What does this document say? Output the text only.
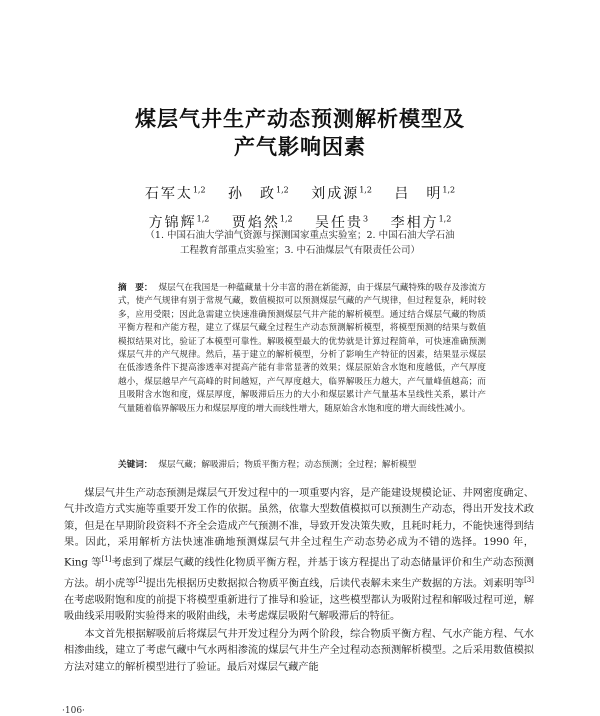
煤层气井生产动态预测解析模型及
产气影响因素
石军太$^{1,2}$ 孙　政$^{1,2}$ 刘成源$^{1,2}$ 吕　明$^{1,2}$
方锦辉$^{1,2}$ 贾焰然$^{1,2}$ 吴任贵$^3$ 李相方$^{1,2}$
（1. 中国石油大学油气资源与探测国家重点实验室；2. 中国石油大学石油
工程教育部重点实验室；3. 中石油煤层气有限责任公司）
摘　要： 煤层气在我国是一种蕴藏量十分丰富的潜在新能源，由于煤层气藏特殊的吸存及渗流方式，使产气规律有别于常规气藏，数值模拟可以预测煤层气藏的产气规律，但过程复杂，耗时较多，应用受限；因此急需建立快速准确预测煤层气井产能的解析模型。通过结合煤层气藏的物质平衡方程和产能方程，建立了煤层气藏全过程生产动态预测解析模型，将模型预测的结果与数值模拟结果对比，验证了本模型可靠性。解吸模型最大的优势就是计算过程简单，可快速准确预测煤层气井的产气规律。然后，基于建立的解析模型，分析了影响生产特征的因素，结果显示煤层在低渗透条件下提高渗透率对提高产能有非常显著的效果；煤层原始含水饱和度越低，产气厚度越小，煤层越早产气高峰的时间越短，产气厚度越大，临界解吸压力越大，产气量峰值越高；而且吸附含水饱和度，煤层厚度，解吸滞后压力的大小和煤层累计产气量基本呈线性关系，累计产气量随着临界解吸压力和煤层厚度的增大而线性增大，随原始含水饱和度的增大而线性减小。
关键词： 煤层气藏；解吸滞后；物质平衡方程；动态预测；全过程；解析模型

煤层气井生产动态预测是煤层气开发过程中的一项重要内容，是产能建设规模论证、井网密度确定、气井改造方式实施等重要开发工作的依据。虽然，依靠大型数值模拟可以预测生产动态，得出开发技术政策，但是在早期阶段资料不齐全会造成产气预测不准，导致开发决策失败，且耗时耗力，不能快速得到结果。因此，采用解析方法快速准确地预测煤层气井全过程生产动态势必成为不错的选择。1990 年，King 等[1]考虑到了煤层气藏的线性化物质平衡方程，并基于该方程提出了动态储量评价和生产动态预测方法。胡小虎等[2]提出先根据历史数据拟合物质平衡直线，后读代表解未来生产数据的方法。刘素明等[3]在考虑吸附饱和度的前提下将模型重新进行了推导和验证，这些模型都认为吸附过程和解吸过程可逆，解吸曲线采用吸附实验得来的吸附曲线，未考虑煤层吸附气解吸滞后的特征。

本文首先根据解吸前后将煤层气井开发过程分为两个阶段，综合物质平衡方程、气水产能方程、气水相渗曲线，建立了考虑气藏中气水两相渗流的煤层气井生产全过程动态预测解析模型。之后采用数值模拟方法对建立的解析模型进行了验证。最后对煤层气藏产能

·106·
